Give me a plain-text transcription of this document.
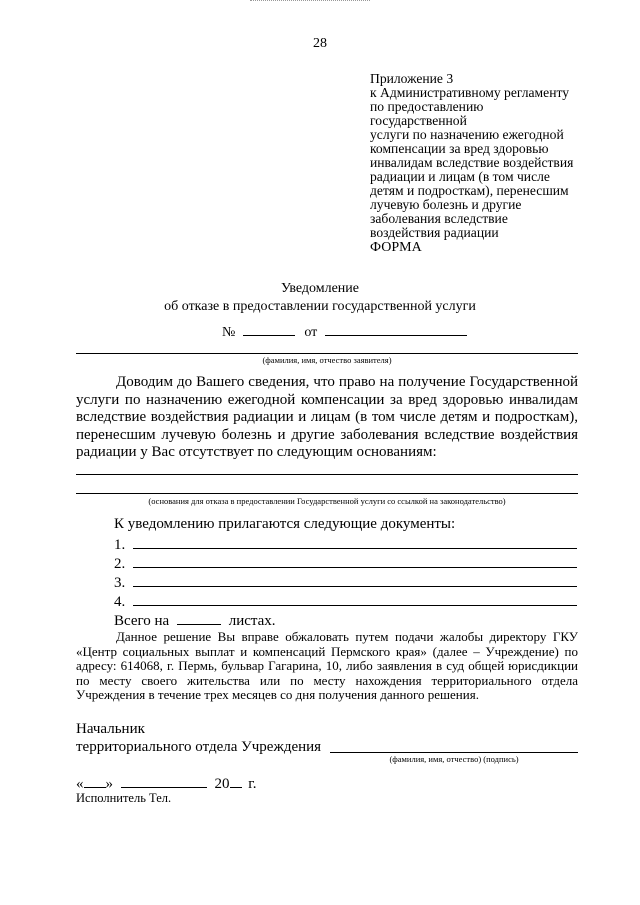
28
Приложение 3
к Административному регламенту
по предоставлению
государственной
услуги по назначению ежегодной
компенсации за вред здоровью
инвалидам вследствие воздействия
радиации и лицам (в том числе
детям и подросткам), перенесшим
лучевую болезнь и другие
заболевания вследствие
воздействия радиации
ФОРМА
Уведомление
об отказе в предоставлении государственной услуги
№	от
(фамилия, имя, отчество заявителя)

Доводим до Вашего сведения, что право на получение Государственной услуги по назначению ежегодной компенсации за вред здоровью инвалидам вследствие воздействия радиации и лицам (в том числе детям и подросткам), перенесшим лучевую болезнь и другие заболевания вследствие воздействия радиации у Вас отсутствует по следующим основаниям:

(основания для отказа в предоставлении Государственной услуги со ссылкой на законодательство)
К уведомлению прилагаются следующие документы:
1.
2.
3.
4.
Всего на	листах.

Данное решение Вы вправе обжаловать путем подачи жалобы директору ГКУ «Центр социальных выплат и компенсаций Пермского края» (далее – Учреждение) по адресу: 614068, г. Пермь, бульвар Гагарина, 10, либо заявления в суд общей юрисдикции по месту своего жительства или по месту нахождения территориального отдела Учреждения в течение трех месяцев со дня получения данного решения.

Начальник
территориального отдела Учреждения
(фамилия, имя, отчество) (подпись)
« »	20 г.
Исполнитель Тел.
